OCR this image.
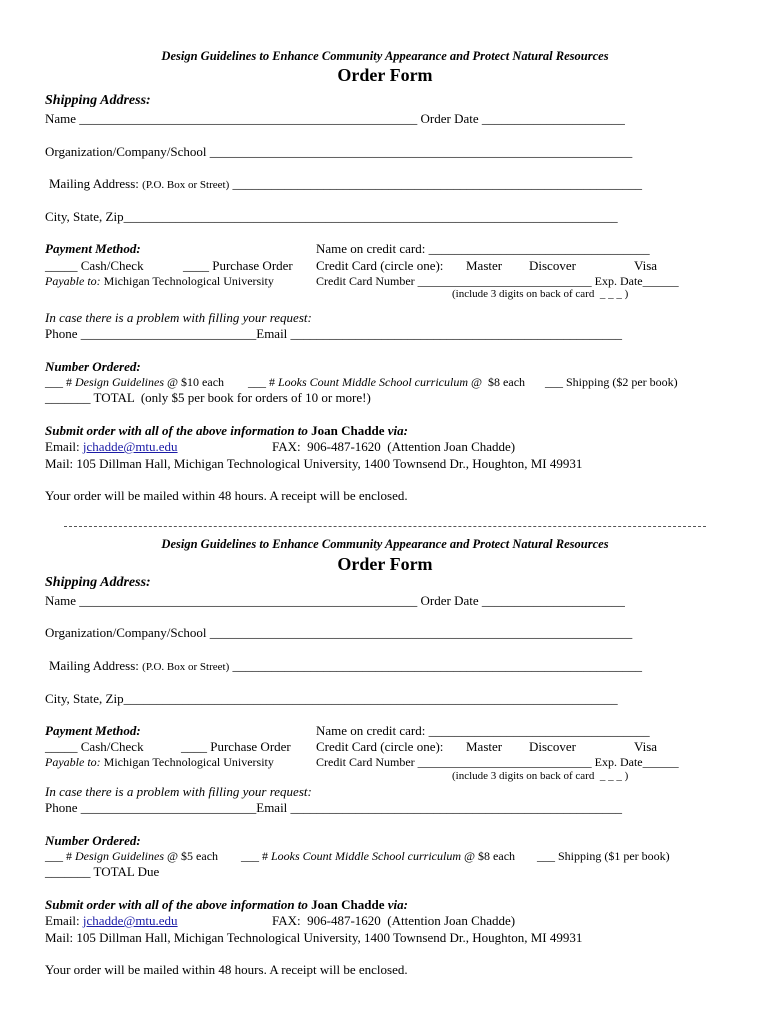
Design Guidelines to Enhance Community Appearance and Protect Natural Resources
Order Form
Shipping Address:
Name ____________________________________________________ Order Date ______________________
Organization/Company/School _________________________________________________________________
Mailing Address: (P.O. Box or Street) _______________________________________________________________
City, State, Zip____________________________________________________________________________
Payment Method:
_____ Cash/Check	____ Purchase Order
Payable to: Michigan Technological University
Name on credit card: __________________________________
Credit Card (circle one): Master Discover	Visa
Credit Card Number _____________________________ Exp. Date______
(include 3 digits on back of card  _ _ _ )
In case there is a problem with filling your request:
Phone ___________________________Email ___________________________________________________
Number Ordered:
___ # Design Guidelines @ $10 each ___ # Looks Count Middle School curriculum @  $8 each ___ Shipping ($2 per book)
_______ TOTAL  (only $5 per book for orders of 10 or more!)
Submit order with all of the above information to Joan Chadde via:
Email: jchadde@mtu.edu	FAX:  906-487-1620  (Attention Joan Chadde)
Mail: 105 Dillman Hall, Michigan Technological University, 1400 Townsend Dr., Houghton, MI 49931
Your order will be mailed within 48 hours. A receipt will be enclosed.
Design Guidelines to Enhance Community Appearance and Protect Natural Resources
Order Form
Shipping Address:
Name ____________________________________________________ Order Date ______________________
Organization/Company/School _________________________________________________________________
Mailing Address: (P.O. Box or Street) _______________________________________________________________
City, State, Zip____________________________________________________________________________
Payment Method:
_____ Cash/Check	____ Purchase Order
Payable to: Michigan Technological University
Name on credit card: __________________________________
Credit Card (circle one): Master Discover	Visa
Credit Card Number _____________________________ Exp. Date______
(include 3 digits on back of card  _ _ _ )
In case there is a problem with filling your request:
Phone ___________________________Email ___________________________________________________
Number Ordered:
___ # Design Guidelines @ $5 each ___ # Looks Count Middle School curriculum @ $8 each ___ Shipping ($1 per book)
_______ TOTAL Due
Submit order with all of the above information to Joan Chadde via:
Email: jchadde@mtu.edu	FAX:  906-487-1620  (Attention Joan Chadde)
Mail: 105 Dillman Hall, Michigan Technological University, 1400 Townsend Dr., Houghton, MI 49931
Your order will be mailed within 48 hours. A receipt will be enclosed.
